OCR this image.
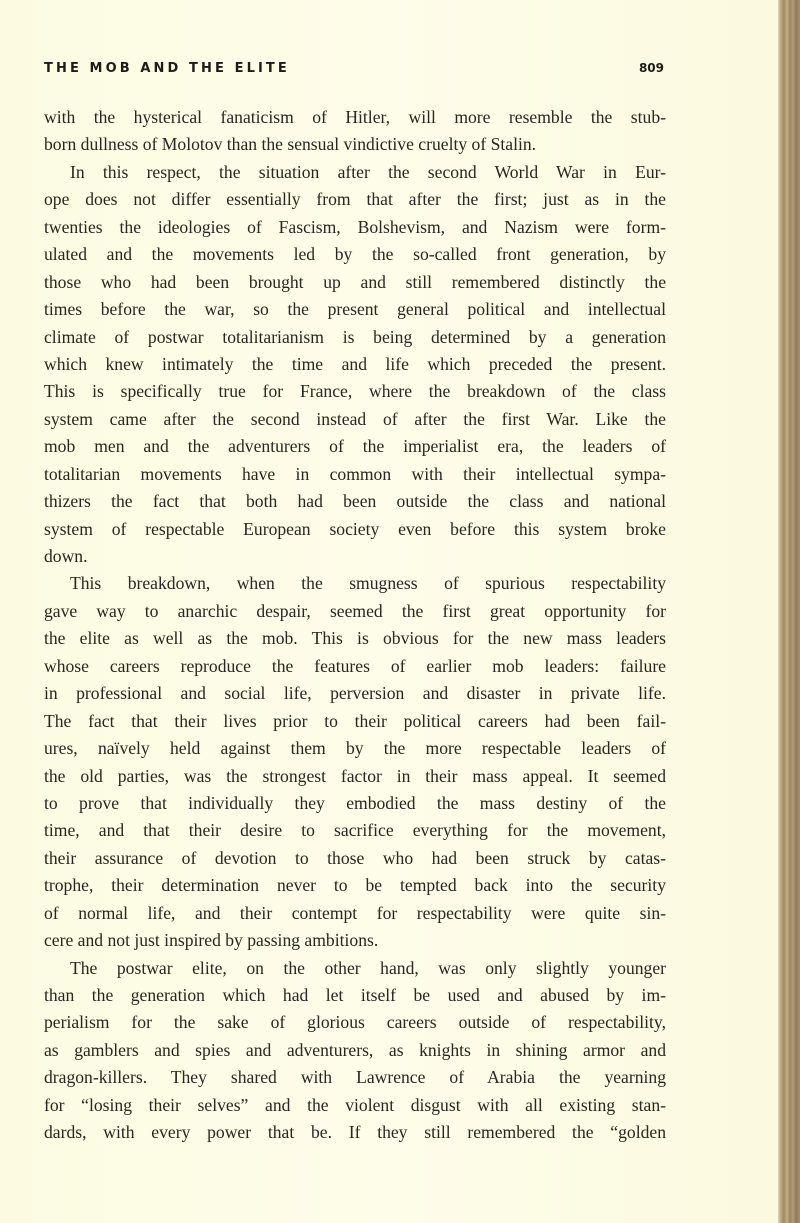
THE MOB AND THE ELITE	809
with the hysterical fanaticism of Hitler, will more resemble the stub-
born dullness of Molotov than the sensual vindictive cruelty of Stalin.
In this respect, the situation after the second World War in Eur-
ope does not differ essentially from that after the first; just as in the
twenties the ideologies of Fascism, Bolshevism, and Nazism were form-
ulated and the movements led by the so-called front generation, by
those who had been brought up and still remembered distinctly the
times before the war, so the present general political and intellectual
climate of postwar totalitarianism is being determined by a generation
which knew intimately the time and life which preceded the present.
This is specifically true for France, where the breakdown of the class
system came after the second instead of after the first War. Like the
mob men and the adventurers of the imperialist era, the leaders of
totalitarian movements have in common with their intellectual sympa-
thizers the fact that both had been outside the class and national
system of respectable European society even before this system broke
down.
This breakdown, when the smugness of spurious respectability
gave way to anarchic despair, seemed the first great opportunity for
the elite as well as the mob. This is obvious for the new mass leaders
whose careers reproduce the features of earlier mob leaders: failure
in professional and social life, perversion and disaster in private life.
The fact that their lives prior to their political careers had been fail-
ures, naïvely held against them by the more respectable leaders of
the old parties, was the strongest factor in their mass appeal. It seemed
to prove that individually they embodied the mass destiny of the
time, and that their desire to sacrifice everything for the movement,
their assurance of devotion to those who had been struck by catas-
trophe, their determination never to be tempted back into the security
of normal life, and their contempt for respectability were quite sin-
cere and not just inspired by passing ambitions.
The postwar elite, on the other hand, was only slightly younger
than the generation which had let itself be used and abused by im-
perialism for the sake of glorious careers outside of respectability,
as gamblers and spies and adventurers, as knights in shining armor and
dragon-killers. They shared with Lawrence of Arabia the yearning
for “losing their selves” and the violent disgust with all existing stan-
dards, with every power that be. If they still remembered the “golden
